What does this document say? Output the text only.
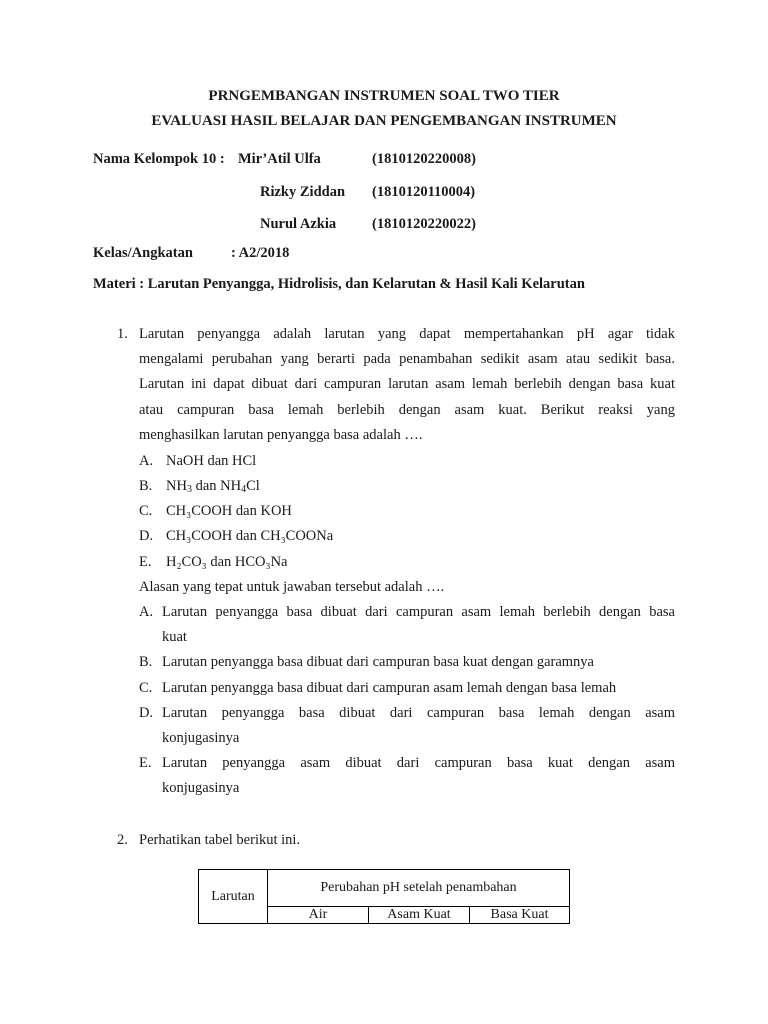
PRNGEMBANGAN INSTRUMEN SOAL TWO TIER
EVALUASI HASIL BELAJAR DAN PENGEMBANGAN INSTRUMEN
Nama Kelompok 10 : Mir’Atil Ulfa	(1810120220008)
Rizky Ziddan (1810120110004)
Nurul Azkia (1810120220022)
Kelas/Angkatan	: A2/2018
Materi : Larutan Penyangga, Hidrolisis, dan Kelarutan & Hasil Kali Kelarutan
1. Larutan penyangga adalah larutan yang dapat mempertahankan pH agar tidak
mengalami perubahan yang berarti pada penambahan sedikit asam atau sedikit basa.
Larutan ini dapat dibuat dari campuran larutan asam lemah berlebih dengan basa kuat
atau campuran basa lemah berlebih dengan asam kuat. Berikut reaksi yang
menghasilkan larutan penyangga basa adalah ….
A. NaOH dan HCl
B. $NH_3$ dan $NH_4Cl$
C. CH₃COOH dan KOH
D. CH₃COOH dan CH₃COONa
E. H₂CO₃ dan HCO₃Na
Alasan yang tepat untuk jawaban tersebut adalah ….
A. Larutan penyangga basa dibuat dari campuran asam lemah berlebih dengan basa
kuat
B. Larutan penyangga basa dibuat dari campuran basa kuat dengan garamnya
C. Larutan penyangga basa dibuat dari campuran asam lemah dengan basa lemah
D. Larutan penyangga basa dibuat dari campuran basa lemah dengan asam
konjugasinya
E. Larutan penyangga asam dibuat dari campuran basa kuat dengan asam
konjugasinya
2. Perhatikan tabel berikut ini.
Larutan	Perubahan pH setelah penambahan		
	Air	Asam Kuat	Basa Kuat
